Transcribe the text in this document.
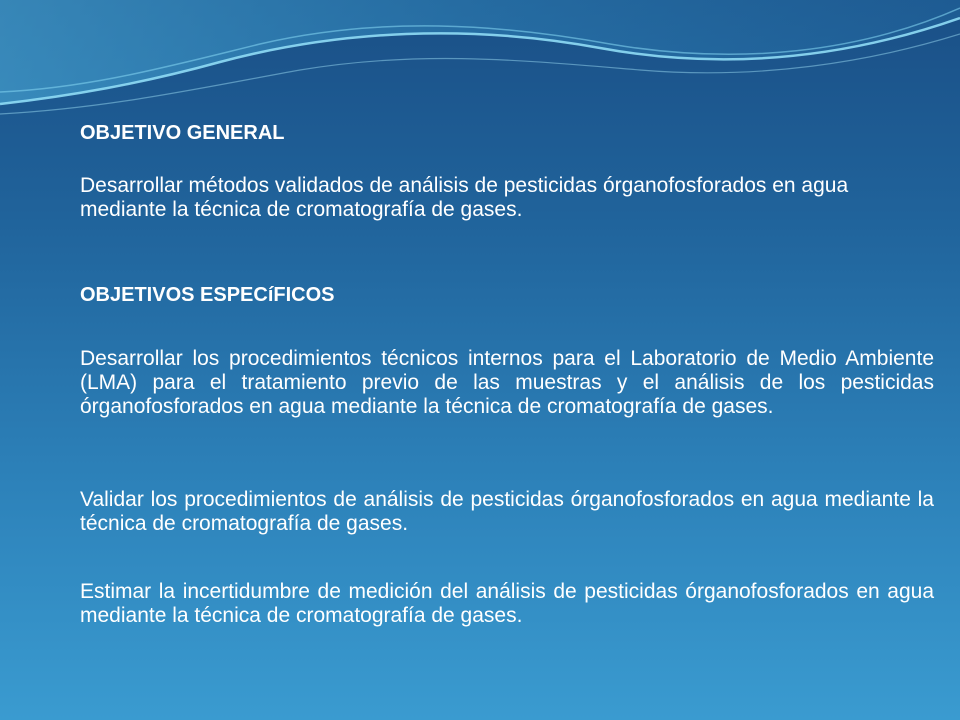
OBJETIVO GENERAL
Desarrollar métodos validados de análisis de pesticidas órganofosforados en agua mediante la técnica de cromatografía de gases.
OBJETIVOS ESPECíFICOS
Desarrollar los procedimientos técnicos internos para el Laboratorio de Medio Ambiente (LMA) para el tratamiento previo de las muestras y el análisis de los pesticidas órganofosforados en agua mediante la técnica de cromatografía de gases.
Validar los procedimientos de análisis de pesticidas órganofosforados en agua mediante la técnica de cromatografía de gases.
Estimar la incertidumbre de medición del análisis de pesticidas órganofosforados en agua mediante la técnica de cromatografía de gases.
